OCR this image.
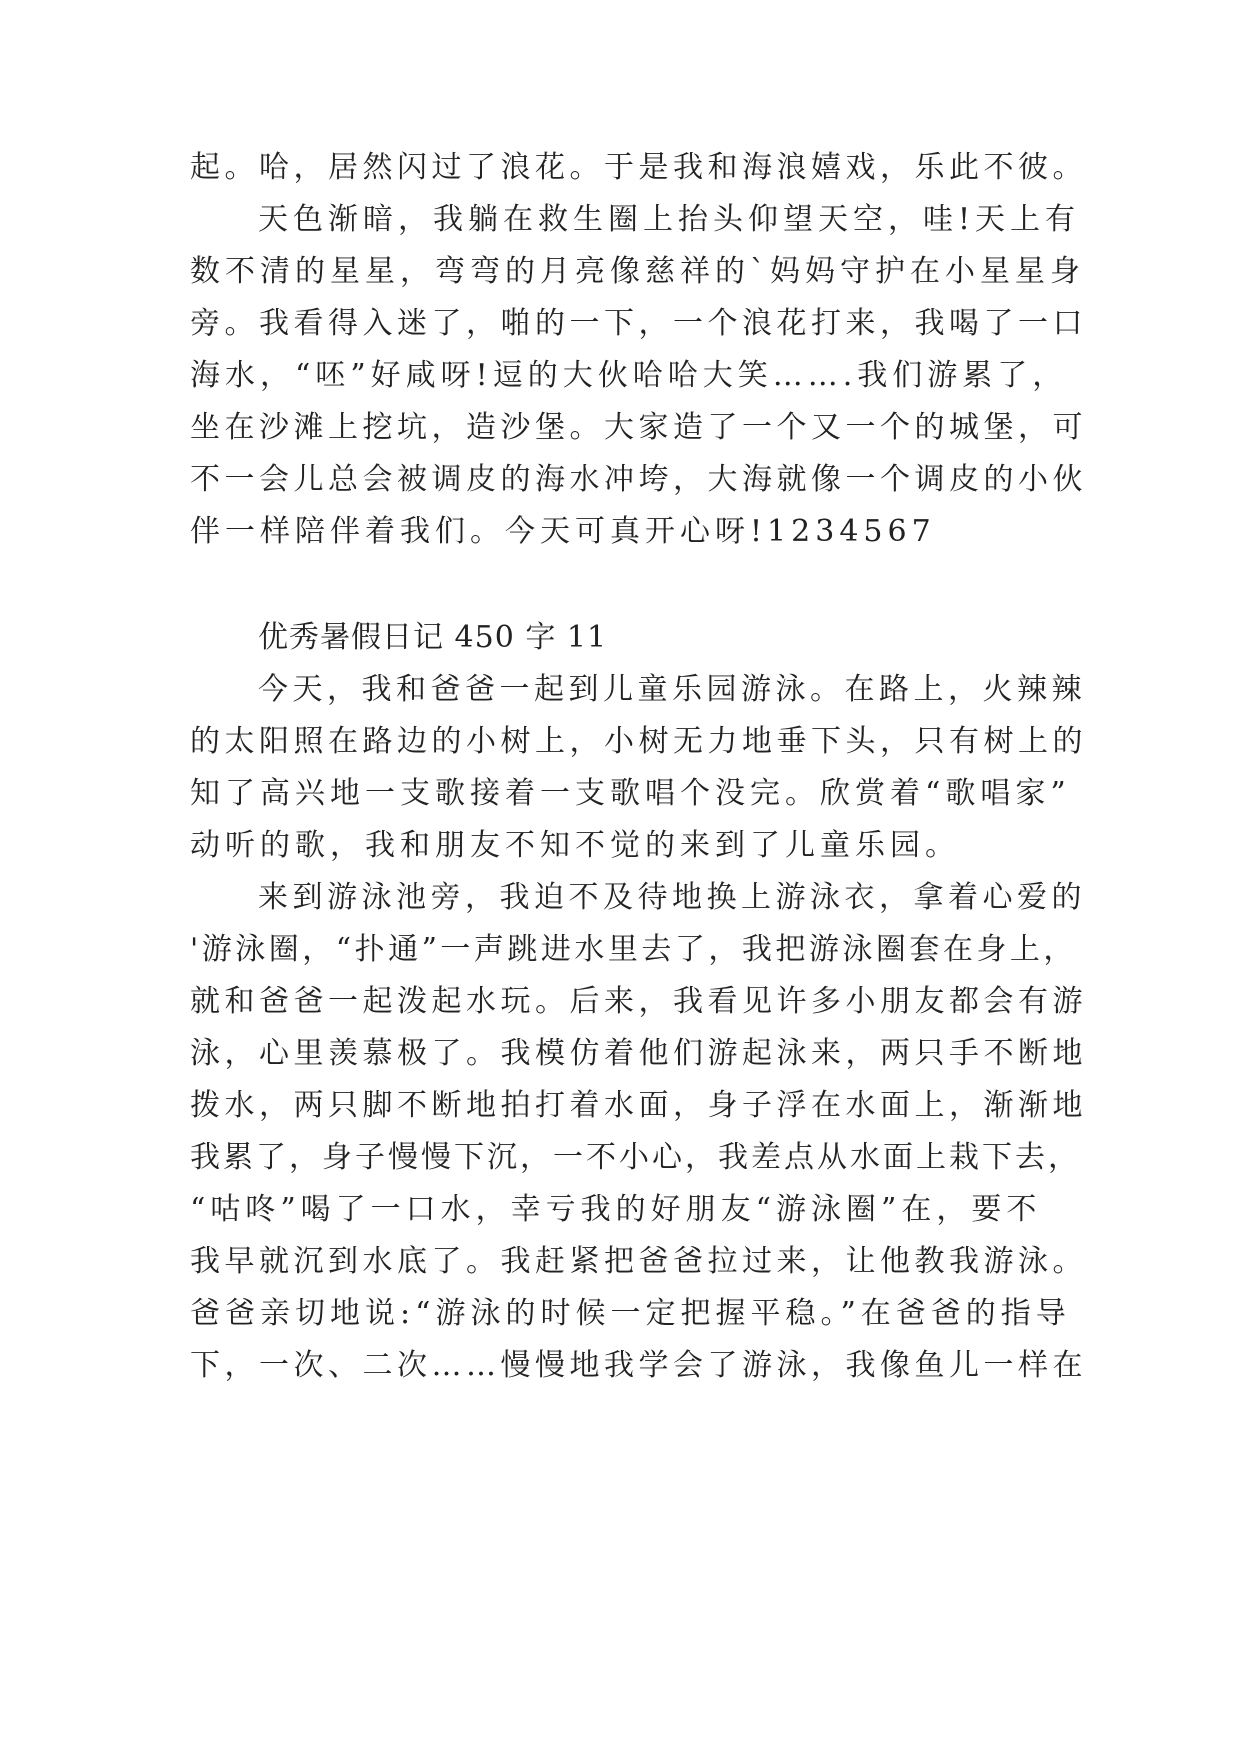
起。哈，居然闪过了浪花。于是我和海浪嬉戏，乐此不彼。

天色渐暗，我躺在救生圈上抬头仰望天空，哇!天上有

数不清的星星，弯弯的月亮像慈祥的`妈妈守护在小星星身

旁。我看得入迷了，啪的一下，一个浪花打来，我喝了一口

海水，“呸”好咸呀!逗的大伙哈哈大笑…….我们游累了，

坐在沙滩上挖坑，造沙堡。大家造了一个又一个的城堡，可

不一会儿总会被调皮的海水冲垮，大海就像一个调皮的小伙

伴一样陪伴着我们。今天可真开心呀!1234567

优秀暑假日记 450 字 11

今天，我和爸爸一起到儿童乐园游泳。在路上，火辣辣

的太阳照在路边的小树上，小树无力地垂下头，只有树上的

知了高兴地一支歌接着一支歌唱个没完。欣赏着“歌唱家”

动听的歌，我和朋友不知不觉的来到了儿童乐园。

来到游泳池旁，我迫不及待地换上游泳衣，拿着心爱的

'游泳圈，“扑通”一声跳进水里去了，我把游泳圈套在身上，

就和爸爸一起泼起水玩。后来，我看见许多小朋友都会有游

泳，心里羡慕极了。我模仿着他们游起泳来，两只手不断地

拨水，两只脚不断地拍打着水面，身子浮在水面上，渐渐地

我累了，身子慢慢下沉，一不小心，我差点从水面上栽下去，

“咕咚”喝了一口水，幸亏我的好朋友“游泳圈”在，要不

我早就沉到水底了。我赶紧把爸爸拉过来，让他教我游泳。

爸爸亲切地说:“游泳的时候一定把握平稳。”在爸爸的指导

下，一次、二次……慢慢地我学会了游泳，我像鱼儿一样在
